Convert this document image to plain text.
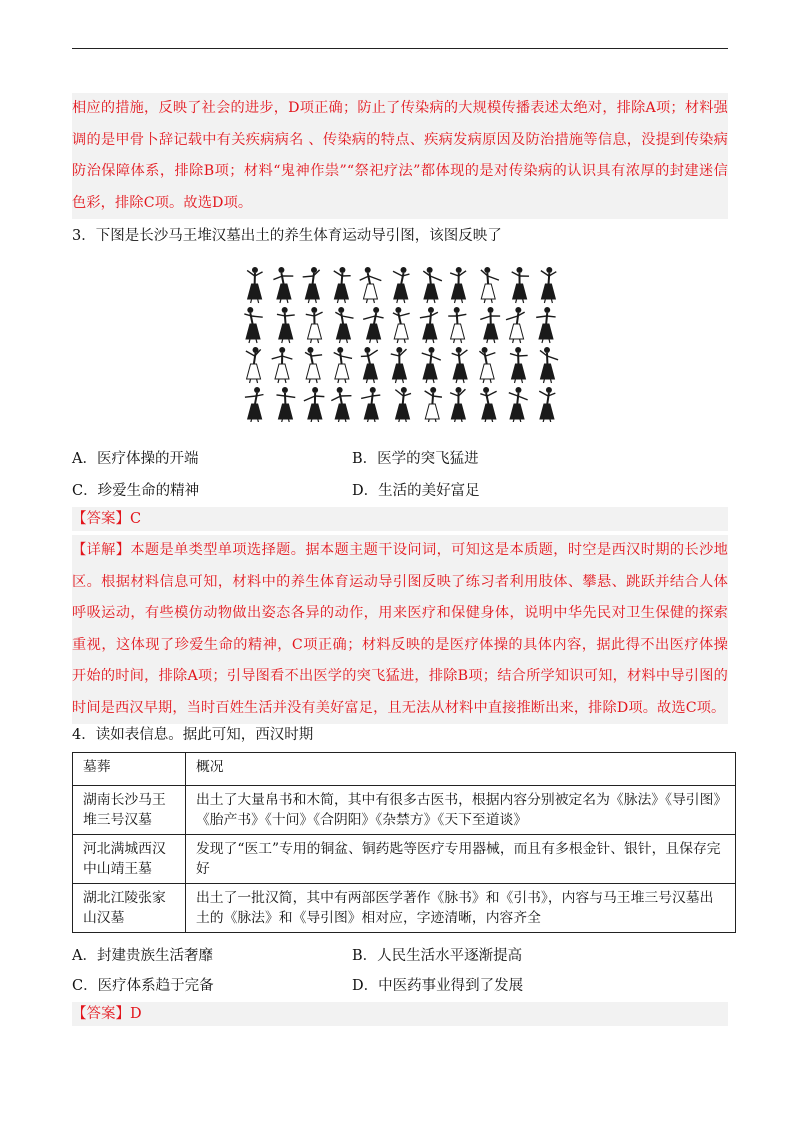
相应的措施，反映了社会的进步，D项正确；防止了传染病的大规模传播表述太绝对，排除A项；材料强调的是甲骨卜辞记载中有关疾病病名 、传染病的特点、疾病发病原因及防治措施等信息，没提到传染病防治保障体系，排除B项；材料“鬼神作祟”“祭祀疗法”都体现的是对传染病的认识具有浓厚的封建迷信色彩，排除C项。故选D项。
3．下图是长沙马王堆汉墓出土的养生体育运动导引图，该图反映了
A．医疗体操的开端	B．医学的突飞猛进
C．珍爱生命的精神	D．生活的美好富足
【答案】C
【详解】本题是单类型单项选择题。据本题主题干设问词，可知这是本质题，时空是西汉时期的长沙地区。根据材料信息可知，材料中的养生体育运动导引图反映了练习者利用肢体、攀悬、跳跃并结合人体呼吸运动，有些模仿动物做出姿态各异的动作，用来医疗和保健身体，说明中华先民对卫生保健的探索重视，这体现了珍爱生命的精神，C项正确；材料反映的是医疗体操的具体内容，据此得不出医疗体操开始的时间，排除A项；引导图看不出医学的突飞猛进，排除B项；结合所学知识可知，材料中导引图的时间是西汉早期，当时百姓生活并没有美好富足，且无法从材料中直接推断出来，排除D项。故选C项。
4．读如表信息。据此可知，西汉时期
墓葬	概况
湖南长沙马王堆三号汉墓	出土了大量帛书和木简，其中有很多古医书，根据内容分别被定名为《脉法》《导引图》《胎产书》《十问》《合阴阳》《杂禁方》《天下至道谈》
河北满城西汉中山靖王墓	发现了“医工”专用的铜盆、铜药匙等医疗专用器械，而且有多根金针、银针，且保存完好
湖北江陵张家山汉墓	出土了一批汉简，其中有两部医学著作《脉书》和《引书》，内容与马王堆三号汉墓出土的《脉法》和《导引图》相对应，字迹清晰，内容齐全
A．封建贵族生活奢靡	B．人民生活水平逐渐提高
C．医疗体系趋于完备	D．中医药事业得到了发展
【答案】D
